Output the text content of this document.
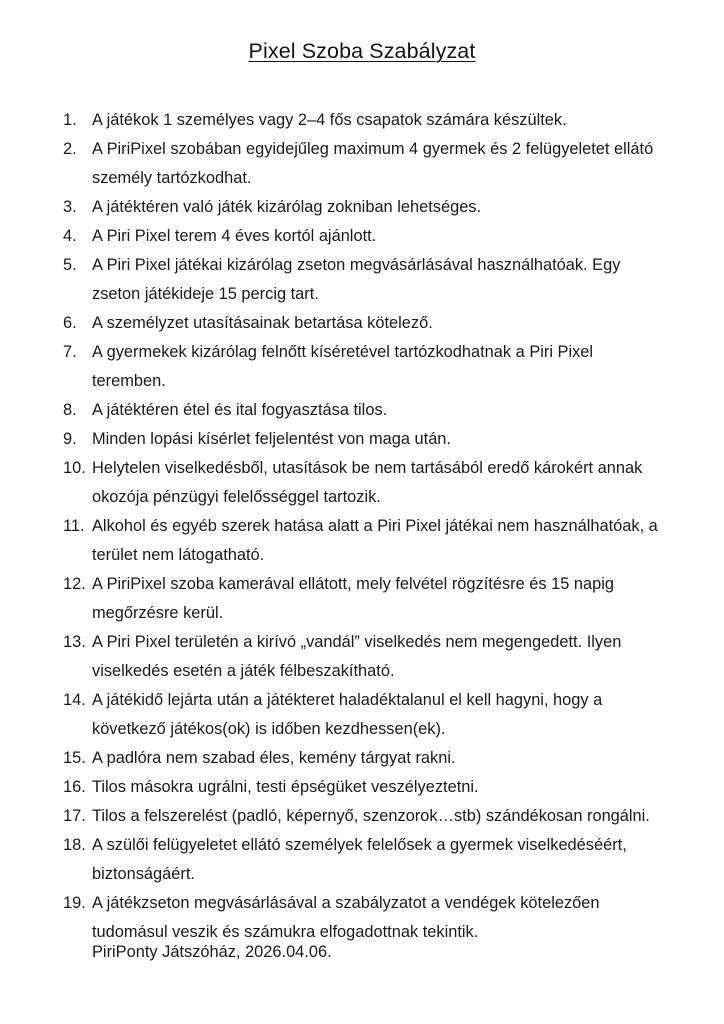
Pixel Szoba Szabályzat
1. A játékok 1 személyes vagy 2–4 fős csapatok számára készültek.
2. A PiriPixel szobában egyidejűleg maximum 4 gyermek és 2 felügyeletet ellátó személy tartózkodhat.
3. A játéktéren való játék kizárólag zokniban lehetséges.
4. A Piri Pixel terem 4 éves kortól ajánlott.
5. A Piri Pixel játékai kizárólag zseton megvásárlásával használhatóak. Egy zseton játékideje 15 percig tart.
6. A személyzet utasításainak betartása kötelező.
7. A gyermekek kizárólag felnőtt kíséretével tartózkodhatnak a Piri Pixel teremben.
8. A játéktéren étel és ital fogyasztása tilos.
9. Minden lopási kísérlet feljelentést von maga után.
10. Helytelen viselkedésből, utasítások be nem tartásából eredő károkért annak okozója pénzügyi felelősséggel tartozik.
11. Alkohol és egyéb szerek hatása alatt a Piri Pixel játékai nem használhatóak, a terület nem látogatható.
12. A PiriPixel szoba kamerával ellátott, mely felvétel rögzítésre és 15 napig megőrzésre kerül.
13. A Piri Pixel területén a kirívó „vandál” viselkedés nem megengedett. Ilyen viselkedés esetén a játék félbeszakítható.
14. A játékidő lejárta után a játékteret haladéktalanul el kell hagyni, hogy a következő játékos(ok) is időben kezdhessen(ek).
15. A padlóra nem szabad éles, kemény tárgyat rakni.
16. Tilos másokra ugrálni, testi épségüket veszélyeztetni.
17. Tilos a felszerelést (padló, képernyő, szenzorok…stb) szándékosan rongálni.
18. A szülői felügyeletet ellátó személyek felelősek a gyermek viselkedéséért, biztonságáért.
19. A játékzseton megvásárlásával a szabályzatot a vendégek kötelezően tudomásul veszik és számukra elfogadottnak tekintik.
PiriPonty Játszóház, 2026.04.06.
